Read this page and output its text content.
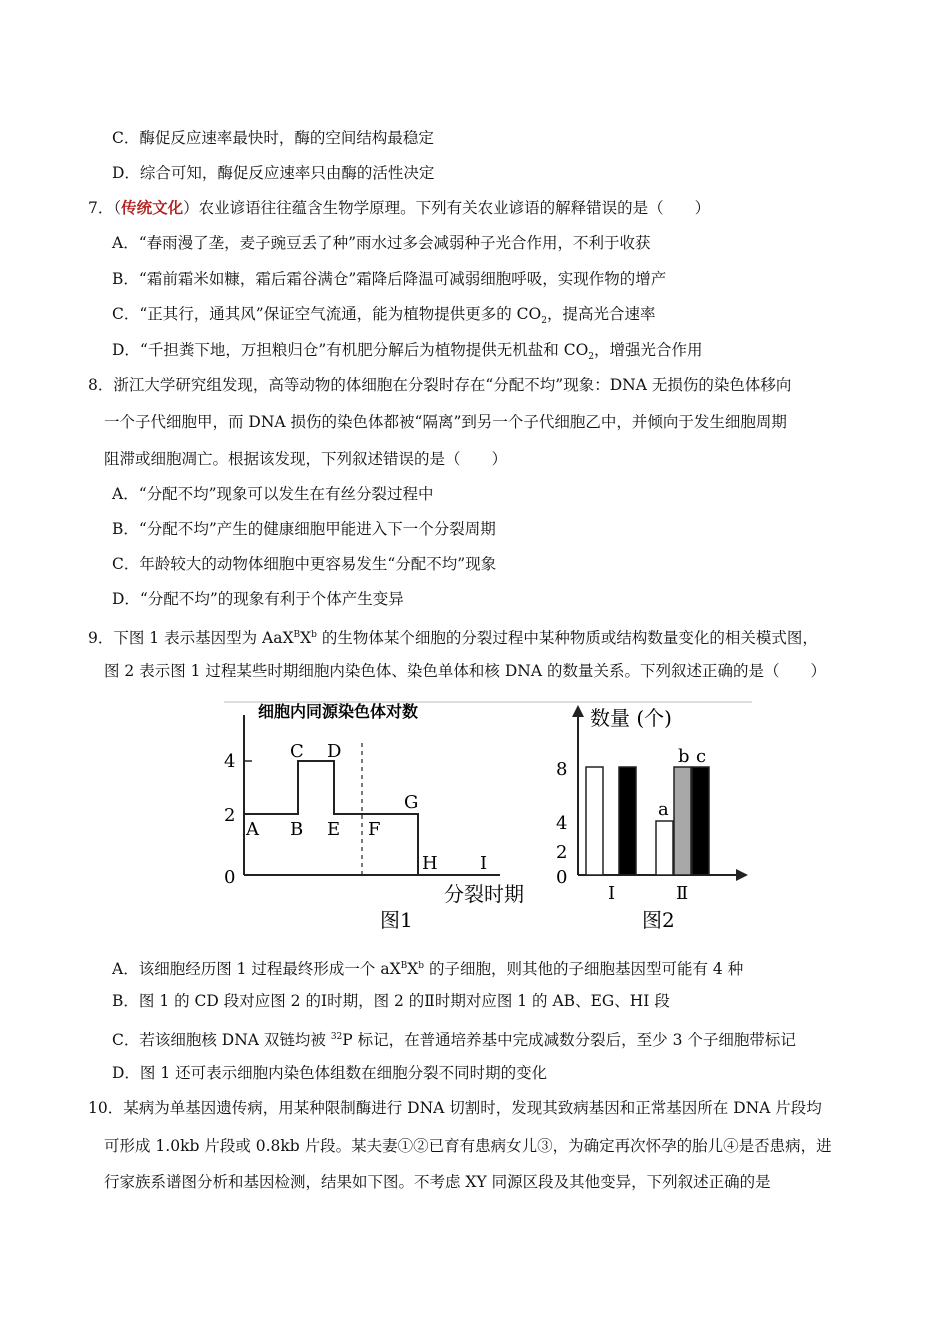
C．酶促反应速率最快时，酶的空间结构最稳定
D．综合可知，酶促反应速率只由酶的活性决定
7．（传统文化）农业谚语往往蕴含生物学原理。下列有关农业谚语的解释错误的是（　　）
A．“春雨漫了垄，麦子豌豆丢了种”雨水过多会减弱种子光合作用，不利于收获
B．“霜前霜米如糠，霜后霜谷满仓”霜降后降温可减弱细胞呼吸，实现作物的增产
C．“正其行，通其风”保证空气流通，能为植物提供更多的 $CO_2$，提高光合速率
D．“千担粪下地，万担粮归仓”有机肥分解后为植物提供无机盐和 $CO_2$，增强光合作用
8．浙江大学研究组发现，高等动物的体细胞在分裂时存在“分配不均”现象：DNA 无损伤的染色体移向
一个子代细胞甲，而 DNA 损伤的染色体都被“隔离”到另一个子代细胞乙中，并倾向于发生细胞周期
阻滞或细胞凋亡。根据该发现，下列叙述错误的是（　　）
A．“分配不均”现象可以发生在有丝分裂过程中
B．“分配不均”产生的健康细胞甲能进入下一个分裂周期
C．年龄较大的动物体细胞中更容易发生“分配不均”现象
D．“分配不均”的现象有利于个体产生变异
9．下图 1 表示基因型为 $AaX^BX^b$ 的生物体某个细胞的分裂过程中某种物质或结构数量变化的相关模式图，
图 2 表示图 1 过程某些时期细胞内染色体、染色单体和核 DNA 的数量关系。下列叙述正确的是（　　）
细胞内同源染色体对数
4
2
0
A B
C D
E F
G
H I
分裂时期
图1
数量 (个)
8
4
2
0
Ⅰ	Ⅱ
a
b c
图2
A．该细胞经历图 1 过程最终形成一个 $aX^BX^b$ 的子细胞，则其他的子细胞基因型可能有 4 种
B．图 1 的 CD 段对应图 2 的Ⅰ时期，图 2 的Ⅱ时期对应图 1 的 AB、EG、HI 段
C．若该细胞核 DNA 双链均被 $^{32}$P 标记，在普通培养基中完成减数分裂后，至少 3 个子细胞带标记
D．图 1 还可表示细胞内染色体组数在细胞分裂不同时期的变化
10．某病为单基因遗传病，用某种限制酶进行 DNA 切割时，发现其致病基因和正常基因所在 DNA 片段均
可形成 1.0kb 片段或 0.8kb 片段。某夫妻①②已育有患病女儿③，为确定再次怀孕的胎儿④是否患病，进
行家族系谱图分析和基因检测，结果如下图。不考虑 XY 同源区段及其他变异，下列叙述正确的是
